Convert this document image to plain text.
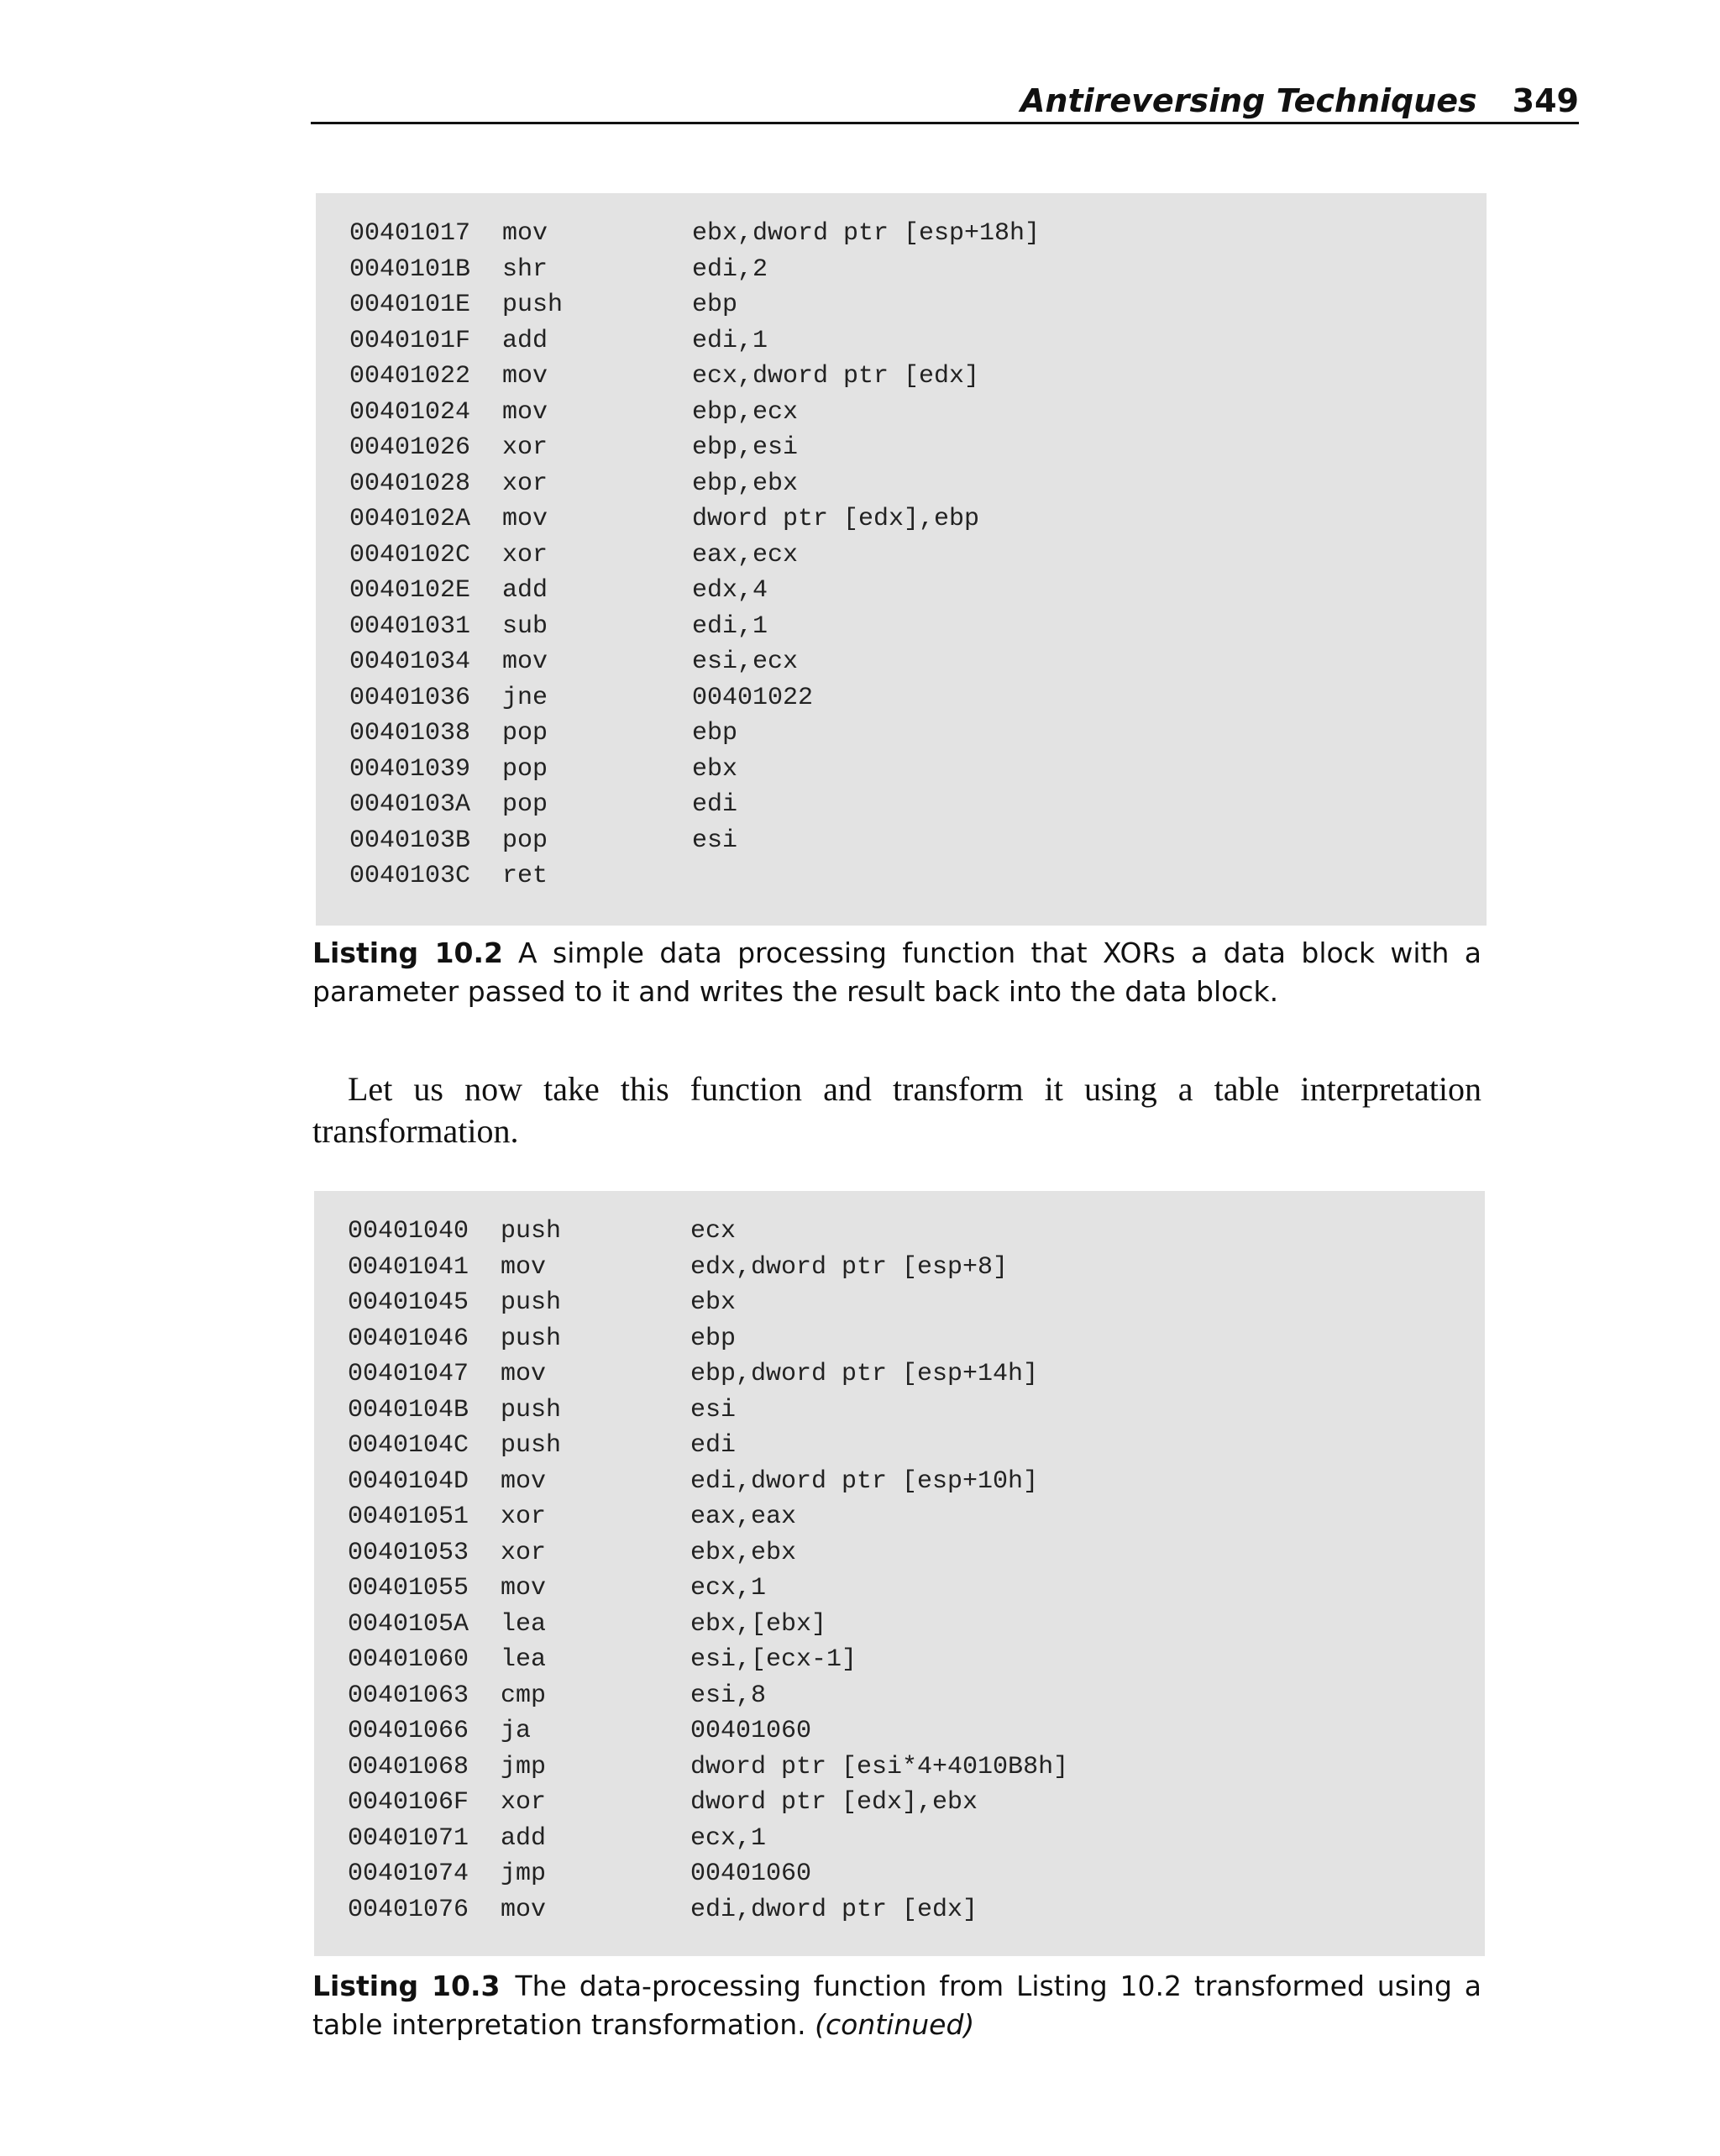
Antireversing Techniques 349
00401017 mov	ebx,dword ptr [esp+18h]
0040101B shr	edi,2
0040101E push	ebp
0040101F add	edi,1
00401022 mov	ecx,dword ptr [edx]
00401024 mov	ebp,ecx
00401026 xor	ebp,esi
00401028 xor	ebp,ebx
0040102A mov	dword ptr [edx],ebp
0040102C xor	eax,ecx
0040102E add	edx,4
00401031 sub	edi,1
00401034 mov	esi,ecx
00401036 jne	00401022
00401038 pop	ebp
00401039 pop	ebx
0040103A pop	edi
0040103B pop	esi
0040103C ret
Listing 10.2 A simple data processing function that XORs a data block with a parameter passed to it and writes the result back into the data block.
Let us now take this function and transform it using a table interpretation transformation.
00401040 push	ecx
00401041 mov	edx,dword ptr [esp+8]
00401045 push	ebx
00401046 push	ebp
00401047 mov	ebp,dword ptr [esp+14h]
0040104B push	esi
0040104C push	edi
0040104D mov	edi,dword ptr [esp+10h]
00401051 xor	eax,eax
00401053 xor	ebx,ebx
00401055 mov	ecx,1
0040105A lea	ebx,[ebx]
00401060 lea	esi,[ecx-1]
00401063 cmp	esi,8
00401066 ja	00401060
00401068 jmp	dword ptr [esi*4+4010B8h]
0040106F xor	dword ptr [edx],ebx
00401071 add	ecx,1
00401074 jmp	00401060
00401076 mov	edi,dword ptr [edx]
Listing 10.3 The data-processing function from Listing 10.2 transformed using a table interpretation transformation. (continued)
